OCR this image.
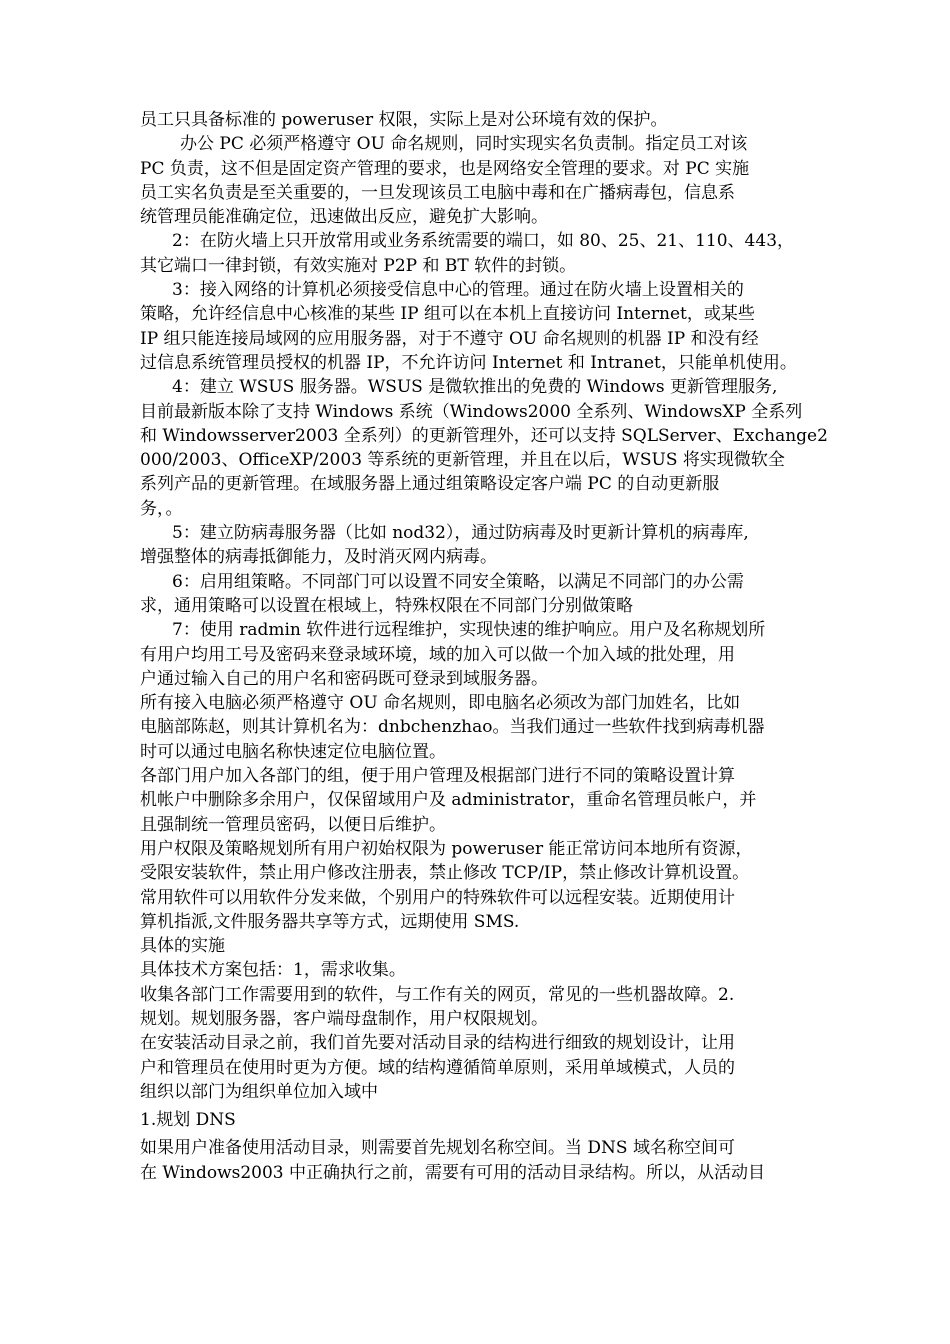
员工只具备标准的 poweruser 权限，实际上是对公环境有效的保护。
办公 PC 必须严格遵守 OU 命名规则，同时实现实名负责制。指定员工对该
PC 负责，这不但是固定资产管理的要求，也是网络安全管理的要求。对 PC 实施
员工实名负责是至关重要的，一旦发现该员工电脑中毒和在广播病毒包，信息系
统管理员能准确定位，迅速做出反应，避免扩大影响。
2：在防火墙上只开放常用或业务系统需要的端口，如 80、25、21、110、443，
其它端口一律封锁，有效实施对 P2P 和 BT 软件的封锁。
3：接入网络的计算机必须接受信息中心的管理。通过在防火墙上设置相关的
策略，允许经信息中心核准的某些 IP 组可以在本机上直接访问 Internet，或某些
IP 组只能连接局域网的应用服务器，对于不遵守 OU 命名规则的机器 IP 和没有经
过信息系统管理员授权的机器 IP，不允许访问 Internet 和 Intranet，只能单机使用。
4：建立 WSUS 服务器。WSUS 是微软推出的免费的 Windows 更新管理服务,
目前最新版本除了支持 Windows 系统（Windows2000 全系列、WindowsXP 全系列
和 Windowsserver2003 全系列）的更新管理外，还可以支持 SQLServer、Exchange2
000/2003、OfficeXP/2003 等系统的更新管理，并且在以后，WSUS 将实现微软全
系列产品的更新管理。在域服务器上通过组策略设定客户端 PC 的自动更新服
务，。
5：建立防病毒服务器（比如 nod32），通过防病毒及时更新计算机的病毒库,
增强整体的病毒抵御能力，及时消灭网内病毒。
6：启用组策略。不同部门可以设置不同安全策略，以满足不同部门的办公需
求，通用策略可以设置在根域上，特殊权限在不同部门分别做策略
7：使用 radmin 软件进行远程维护，实现快速的维护响应。用户及名称规划所
有用户均用工号及密码来登录域环境，域的加入可以做一个加入域的批处理，用
户通过输入自己的用户名和密码既可登录到域服务器。
所有接入电脑必须严格遵守 OU 命名规则，即电脑名必须改为部门加姓名，比如
电脑部陈赵，则其计算机名为：dnbchenzhao。当我们通过一些软件找到病毒机器
时可以通过电脑名称快速定位电脑位置。
各部门用户加入各部门的组，便于用户管理及根据部门进行不同的策略设置计算
机帐户中删除多余用户，仅保留域用户及 administrator，重命名管理员帐户，并
且强制统一管理员密码，以便日后维护。
用户权限及策略规划所有用户初始权限为 poweruser 能正常访问本地所有资源，
受限安装软件，禁止用户修改注册表，禁止修改 TCP/IP，禁止修改计算机设置。
常用软件可以用软件分发来做，个别用户的特殊软件可以远程安装。近期使用计
算机指派,文件服务器共享等方式，远期使用 SMS.
具体的实施
具体技术方案包括：1，需求收集。
收集各部门工作需要用到的软件，与工作有关的网页，常见的一些机器故障。2.
规划。规划服务器，客户端母盘制作，用户权限规划。
在安装活动目录之前，我们首先要对活动目录的结构进行细致的规划设计，让用
户和管理员在使用时更为方便。域的结构遵循简单原则，采用单域模式，人员的
组织以部门为组织单位加入域中
1.规划 DNS
如果用户准备使用活动目录，则需要首先规划名称空间。当 DNS 域名称空间可
在 Windows2003 中正确执行之前，需要有可用的活动目录结构。所以，从活动目
